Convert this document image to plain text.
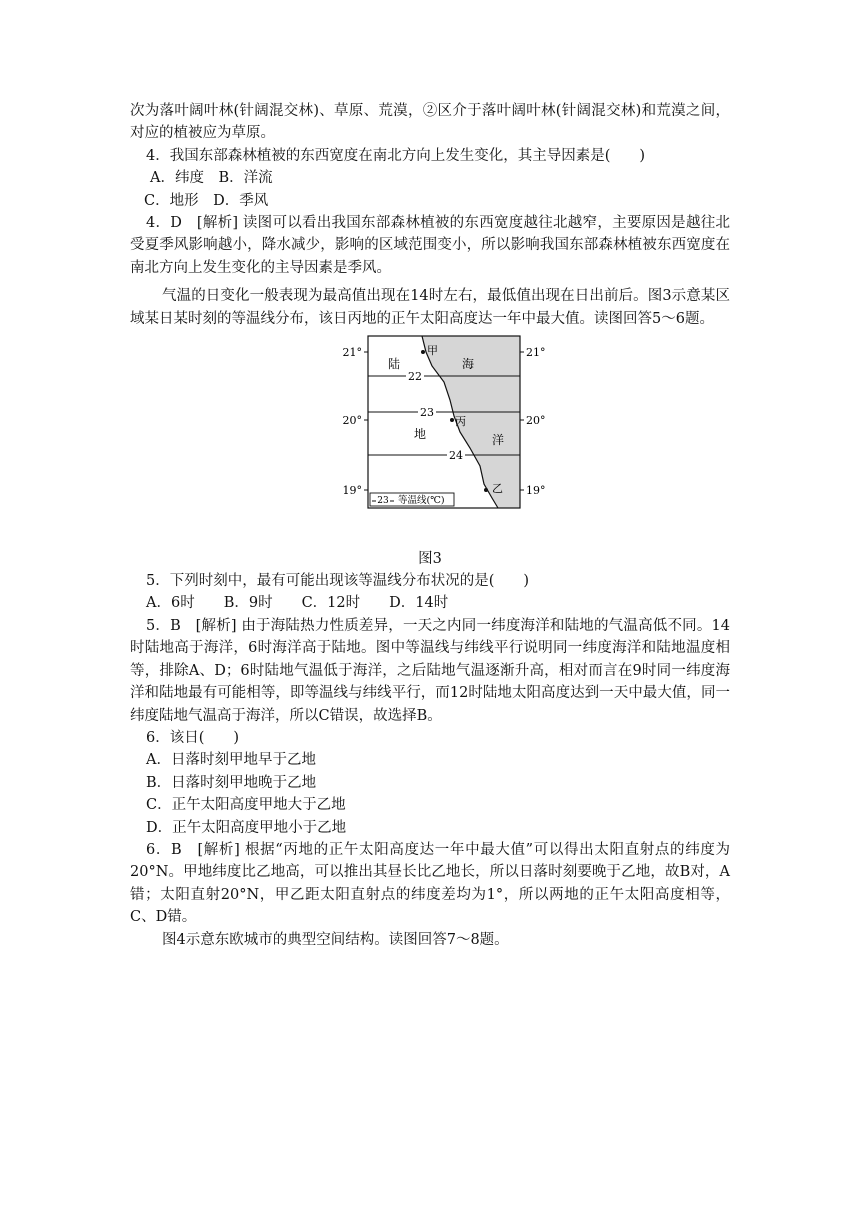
次为落叶阔叶林(针阔混交林)、草原、荒漠，②区介于落叶阔叶林(针阔混交林)和荒漠之间，对应的植被应为草原。

4．我国东部森林植被的东西宽度在南北方向上发生变化，其主导因素是(　　)

A．纬度　B．洋流

C．地形　D．季风

4．D　[解析] 读图可以看出我国东部森林植被的东西宽度越往北越窄，主要原因是越往北受夏季风影响越小，降水减少，影响的区域范围变小，所以影响我国东部森林植被东西宽度在南北方向上发生变化的主导因素是季风。

气温的日变化一般表现为最高值出现在14时左右，最低值出现在日出前后。图3示意某区域某日某时刻的等温线分布，该日丙地的正午太阳高度达一年中最大值。读图回答5～6题。

22
23
24
21°	21°
20°	20°
19°	19°
陆
地
海
洋
甲
丙
乙
23 等温线(℃)

图3

5．下列时刻中，最有可能出现该等温线分布状况的是(　　)

A．6时　　B．9时　　C．12时　　D．14时

5．B　[解析] 由于海陆热力性质差异，一天之内同一纬度海洋和陆地的气温高低不同。14时陆地高于海洋，6时海洋高于陆地。图中等温线与纬线平行说明同一纬度海洋和陆地温度相等，排除A、D；6时陆地气温低于海洋，之后陆地气温逐渐升高，相对而言在9时同一纬度海洋和陆地最有可能相等，即等温线与纬线平行，而12时陆地太阳高度达到一天中最大值，同一纬度陆地气温高于海洋，所以C错误，故选择B。

6．该日(　　)

A．日落时刻甲地早于乙地

B．日落时刻甲地晚于乙地

C．正午太阳高度甲地大于乙地

D．正午太阳高度甲地小于乙地

6．B　[解析] 根据“丙地的正午太阳高度达一年中最大值”可以得出太阳直射点的纬度为20°N。甲地纬度比乙地高，可以推出其昼长比乙地长，所以日落时刻要晚于乙地，故B对，A错；太阳直射20°N，甲乙距太阳直射点的纬度差均为1°，所以两地的正午太阳高度相等，C、D错。

图4示意东欧城市的典型空间结构。读图回答7～8题。
